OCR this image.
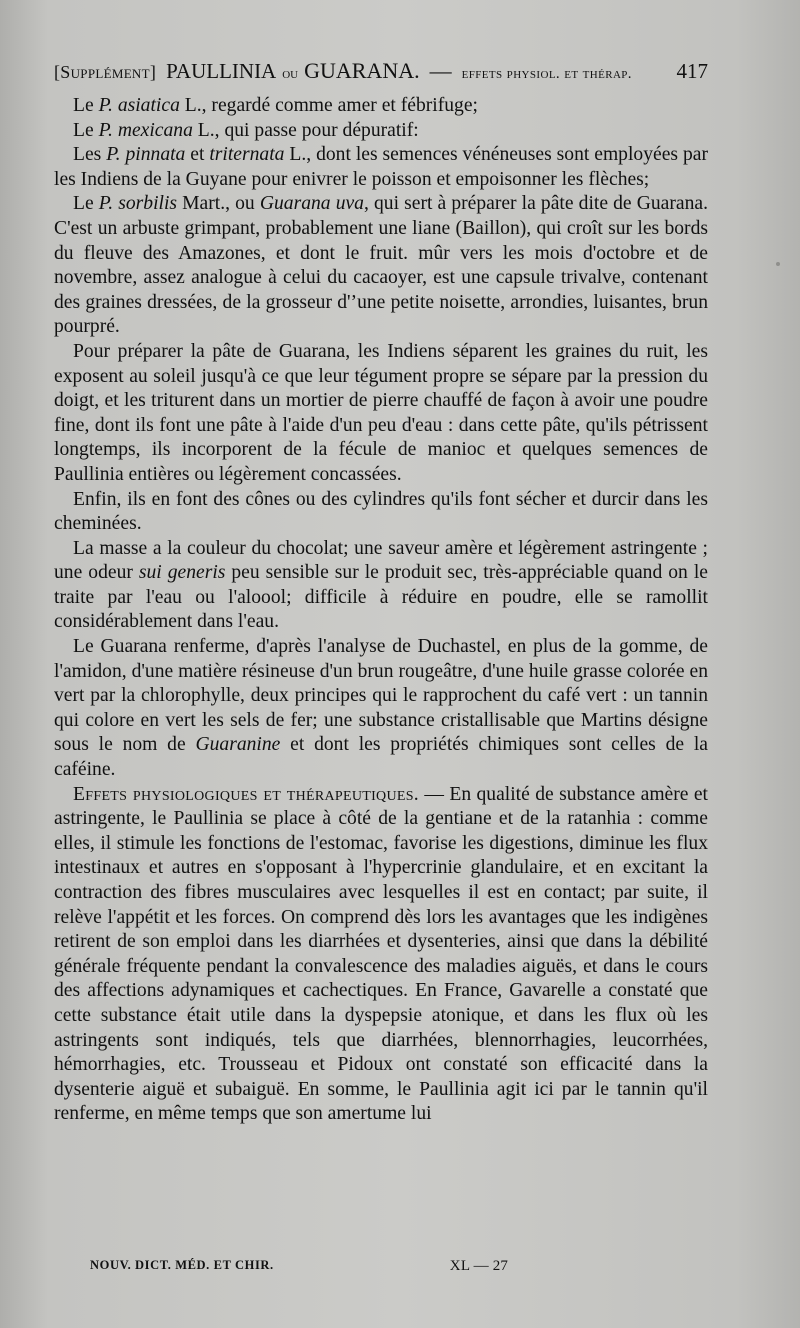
[Supplément] PAULLINIA ou GUARANA. — effets physiol. et thérap. 417

Le P. asiatica L., regardé comme amer et fébrifuge;

Le P. mexicana L., qui passe pour dépuratif:

Les P. pinnata et triternata L., dont les semences vénéneuses sont employées par les Indiens de la Guyane pour enivrer le poisson et empoisonner les flèches;

Le P. sorbilis Mart., ou Guarana uva, qui sert à préparer la pâte dite de Guarana. C'est un arbuste grimpant, probablement une liane (Baillon), qui croît sur les bords du fleuve des Amazones, et dont le fruit. mûr vers les mois d'octobre et de novembre, assez analogue à celui du cacaoyer, est une capsule trivalve, contenant des graines dressées, de la grosseur d'’une petite noisette, arrondies, luisantes, brun pourpré.

Pour préparer la pâte de Guarana, les Indiens séparent les graines du ruit, les exposent au soleil jusqu'à ce que leur tégument propre se sépare par la pression du doigt, et les triturent dans un mortier de pierre chauffé de façon à avoir une poudre fine, dont ils font une pâte à l'aide d'un peu d'eau : dans cette pâte, qu'ils pétrissent longtemps, ils incorporent de la fécule de manioc et quelques semences de Paullinia entières ou légèrement concassées.

Enfin, ils en font des cônes ou des cylindres qu'ils font sécher et durcir dans les cheminées.

La masse a la couleur du chocolat; une saveur amère et légèrement astringente ; une odeur sui generis peu sensible sur le produit sec, très-appréciable quand on le traite par l'eau ou l'aloool; difficile à réduire en poudre, elle se ramollit considérablement dans l'eau.

Le Guarana renferme, d'après l'analyse de Duchastel, en plus de la gomme, de l'amidon, d'une matière résineuse d'un brun rougeâtre, d'une huile grasse colorée en vert par la chlorophylle, deux principes qui le rapprochent du café vert : un tannin qui colore en vert les sels de fer; une substance cristallisable que Martins désigne sous le nom de Guaranine et dont les propriétés chimiques sont celles de la caféine.

Effets physiologiques et thérapeutiques. — En qualité de substance amère et astringente, le Paullinia se place à côté de la gentiane et de la ratanhia : comme elles, il stimule les fonctions de l'estomac, favorise les digestions, diminue les flux intestinaux et autres en s'opposant à l'hypercrinie glandulaire, et en excitant la contraction des fibres musculaires avec lesquelles il est en contact; par suite, il relève l'appétit et les forces. On comprend dès lors les avantages que les indigènes retirent de son emploi dans les diarrhées et dysenteries, ainsi que dans la débilité générale fréquente pendant la convalescence des maladies aiguës, et dans le cours des affections adynamiques et cachectiques. En France, Gavarelle a constaté que cette substance était utile dans la dyspepsie atonique, et dans les flux où les astringents sont indiqués, tels que diarrhées, blennorrhagies, leucorrhées, hémorrhagies, etc. Trousseau et Pidoux ont constaté son efficacité dans la dysenterie aiguë et subaiguë. En somme, le Paullinia agit ici par le tannin qu'il renferme, en même temps que son amertume lui

NOUV. DICT. MÉD. ET CHIR.	XL — 27
